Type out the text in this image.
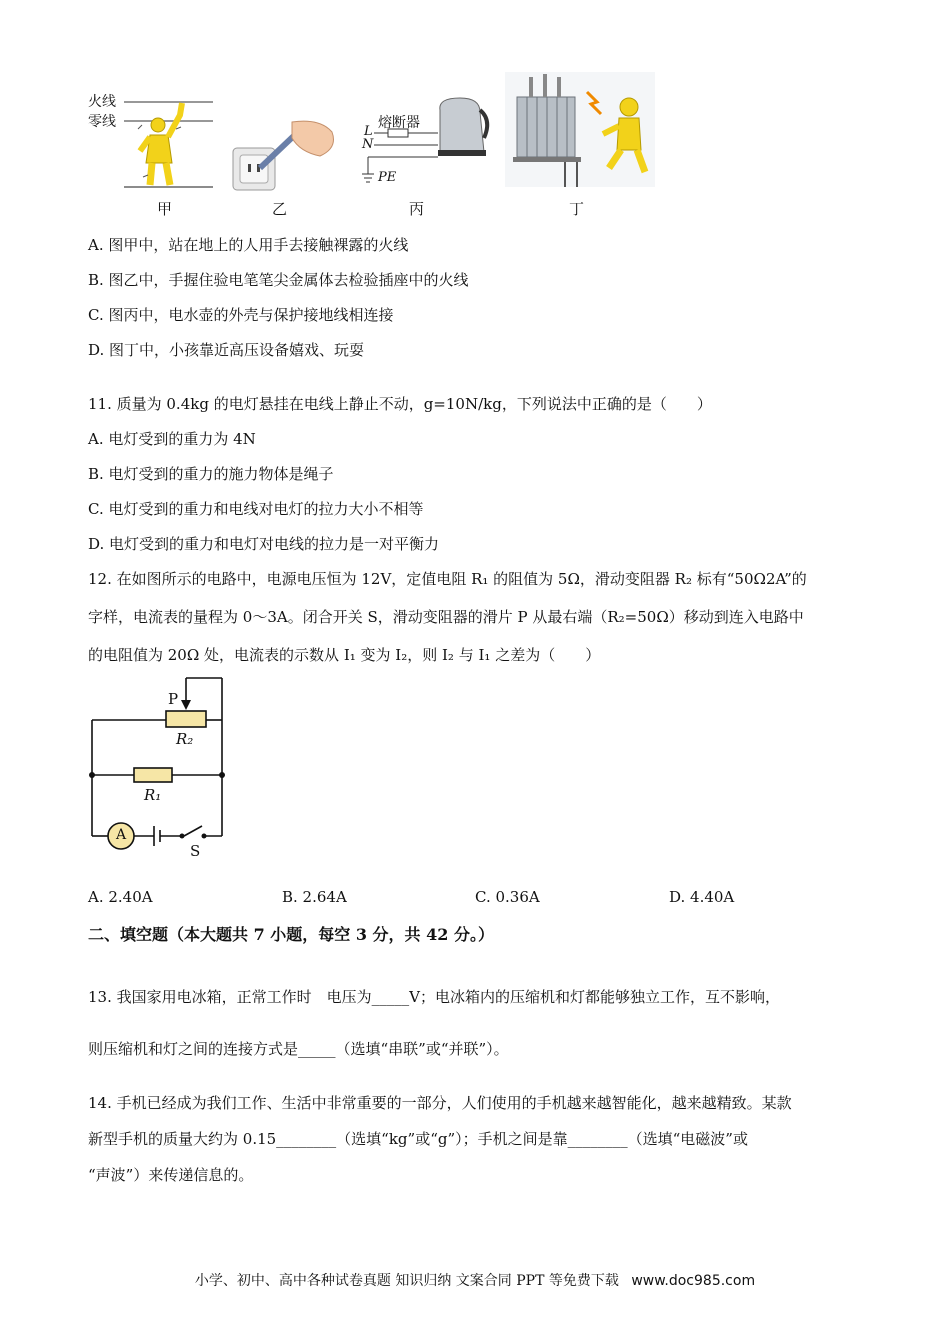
火线
零线	熔断器
L
N
PE
甲	乙	丙	丁
A. 图甲中，站在地上的人用手去接触裸露的火线
B. 图乙中，手握住验电笔笔尖金属体去检验插座中的火线
C. 图丙中，电水壶的外壳与保护接地线相连接
D. 图丁中，小孩靠近高压设备嬉戏、玩耍
11. 质量为 0.4kg 的电灯悬挂在电线上静止不动，g=10N/kg，下列说法中正确的是（　　）
A. 电灯受到的重力为 4N
B. 电灯受到的重力的施力物体是绳子
C. 电灯受到的重力和电线对电灯的拉力大小不相等
D. 电灯受到的重力和电灯对电线的拉力是一对平衡力
12. 在如图所示的电路中，电源电压恒为 12V，定值电阻 R₁ 的阻值为 5Ω，滑动变阻器 R₂ 标有“50Ω2A”的
字样，电流表的量程为 0～3A。闭合开关 S，滑动变阻器的滑片 P 从最右端（R₂=50Ω）移动到连入电路中
的电阻值为 20Ω 处，电流表的示数从 I₁ 变为 I₂，则 I₂ 与 I₁ 之差为（　　）
P
R₂
R₁
A
S
A. 2.40A	B. 2.64A	C. 0.36A	D. 4.40A
二、填空题（本大题共 7 小题，每空 3 分，共 42 分。）
13. 我国家用电冰箱，正常工作时　电压为_____V；电冰箱内的压缩机和灯都能够独立工作，互不影响，
则压缩机和灯之间的连接方式是_____（选填“串联”或“并联”）。
14. 手机已经成为我们工作、生活中非常重要的一部分，人们使用的手机越来越智能化，越来越精致。某款
新型手机的质量大约为 0.15________（选填“kg”或“g”）；手机之间是靠________（选填“电磁波”或
“声波”）来传递信息的。
小学、初中、高中各种试卷真题 知识归纳 文案合同 PPT 等免费下载 www.doc985.com
